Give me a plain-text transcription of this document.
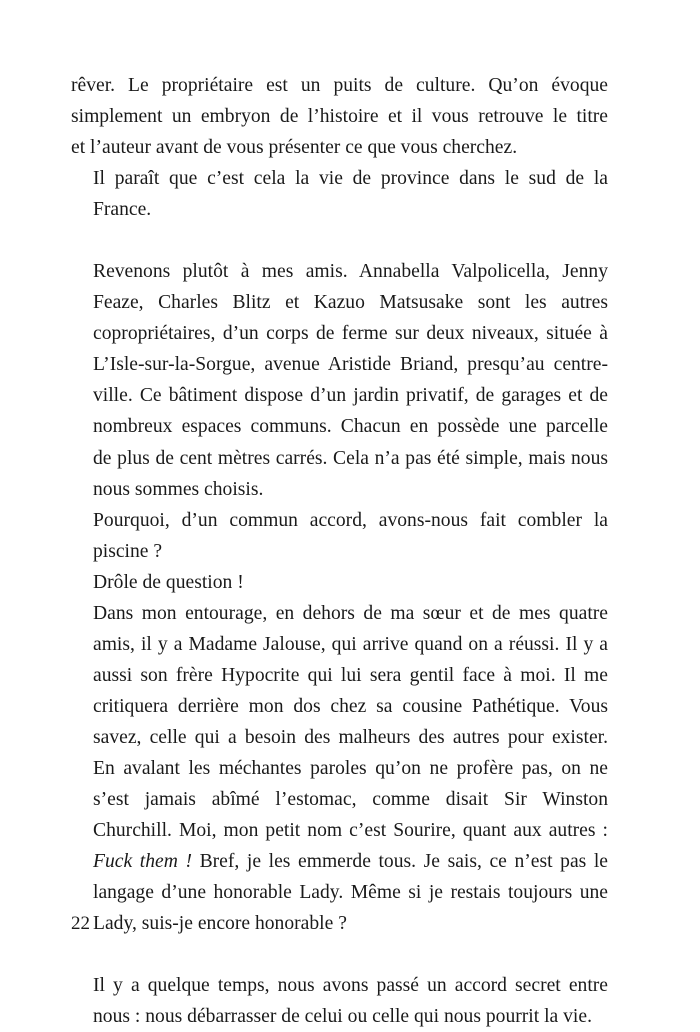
rêver. Le propriétaire est un puits de culture. Qu’on évoque
simplement un embryon de l’histoire et il vous retrouve le titre
et l’auteur avant de vous présenter ce que vous cherchez.

Il paraît que c’est cela la vie de province dans le sud de la
France.

Revenons plutôt à mes amis. Annabella Valpolicella, Jenny
Feaze, Charles Blitz et Kazuo Matsusake sont les autres
copropriétaires, d’un corps de ferme sur deux niveaux, située à
L’Isle-sur-la-Sorgue, avenue Aristide Briand, presqu’au centre-
ville. Ce bâtiment dispose d’un jardin privatif, de garages et de
nombreux espaces communs. Chacun en possède une parcelle
de plus de cent mètres carrés. Cela n’a pas été simple, mais nous
nous sommes choisis.

Pourquoi, d’un commun accord, avons-nous fait combler la
piscine ?

Drôle de question !

Dans mon entourage, en dehors de ma sœur et de mes quatre
amis, il y a Madame Jalouse, qui arrive quand on a réussi. Il y a
aussi son frère Hypocrite qui lui sera gentil face à moi. Il me
critiquera derrière mon dos chez sa cousine Pathétique. Vous
savez, celle qui a besoin des malheurs des autres pour exister.
En avalant les méchantes paroles qu’on ne profère pas, on ne
s’est jamais abîmé l’estomac, comme disait Sir Winston
Churchill. Moi, mon petit nom c’est Sourire, quant aux autres :
Fuck them ! Bref, je les emmerde tous. Je sais, ce n’est pas le
langage d’une honorable Lady. Même si je restais toujours une
Lady, suis-je encore honorable ?

Il y a quelque temps, nous avons passé un accord secret entre
nous : nous débarrasser de celui ou celle qui nous pourrit la vie.

22
